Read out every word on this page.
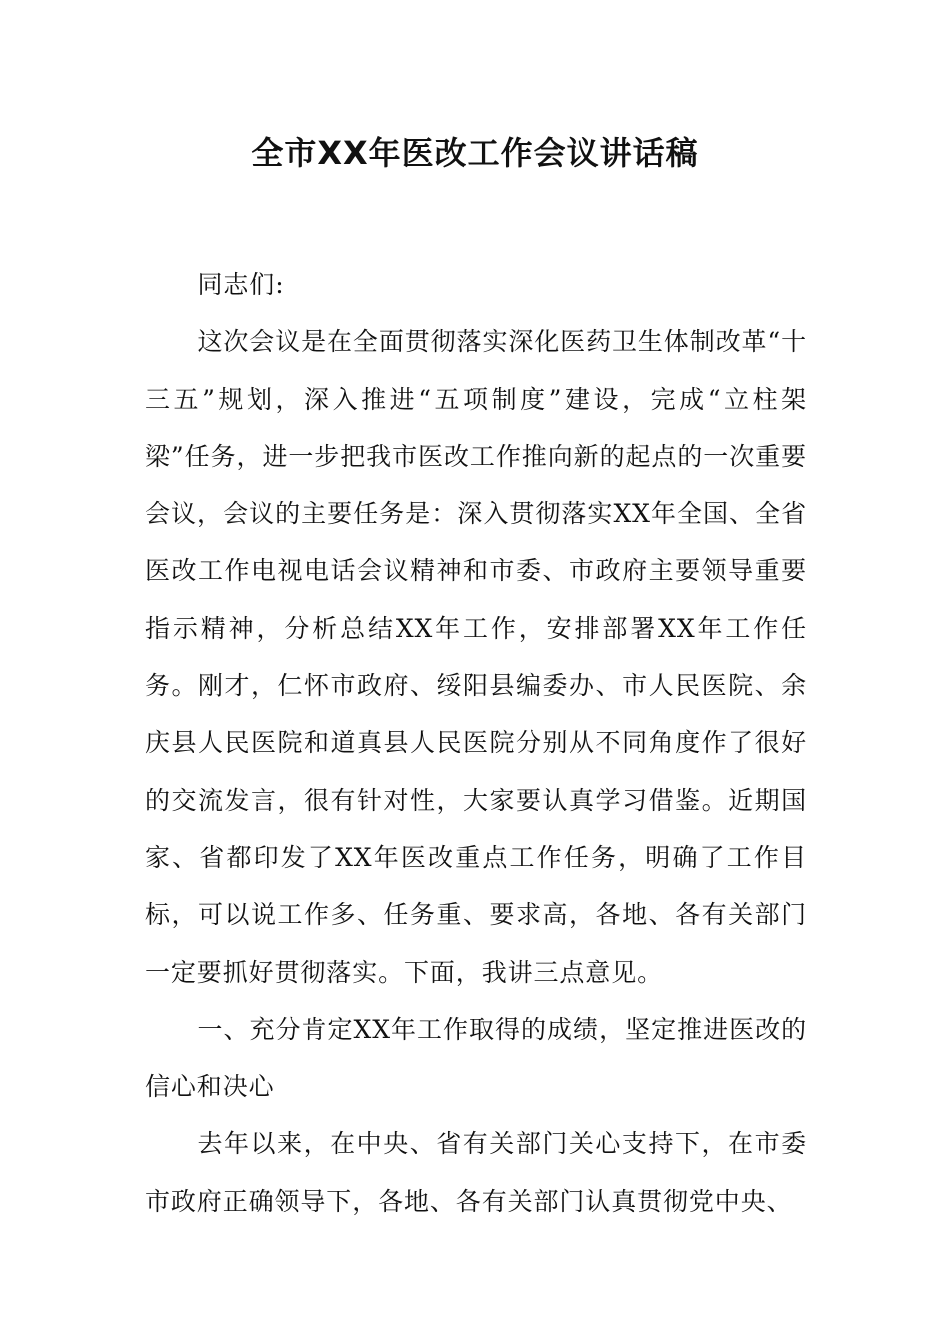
全市XX年医改工作会议讲话稿

同志们:

这次会议是在全面贯彻落实深化医药卫生体制改革“十三五”规划，深入推进“五项制度”建设，完成“立柱架梁”任务，进一步把我市医改工作推向新的起点的一次重要会议，会议的主要任务是：深入贯彻落实XX年全国、全省医改工作电视电话会议精神和市委、市政府主要领导重要指示精神，分析总结XX年工作，安排部署XX年工作任务。刚才，仁怀市政府、绥阳县编委办、市人民医院、余庆县人民医院和道真县人民医院分别从不同角度作了很好的交流发言，很有针对性，大家要认真学习借鉴。近期国家、省都印发了XX年医改重点工作任务，明确了工作目标，可以说工作多、任务重、要求高，各地、各有关部门一定要抓好贯彻落实。下面，我讲三点意见。

一、充分肯定XX年工作取得的成绩，坚定推进医改的信心和决心

去年以来，在中央、省有关部门关心支持下，在市委市政府正确领导下，各地、各有关部门认真贯彻党中央、
